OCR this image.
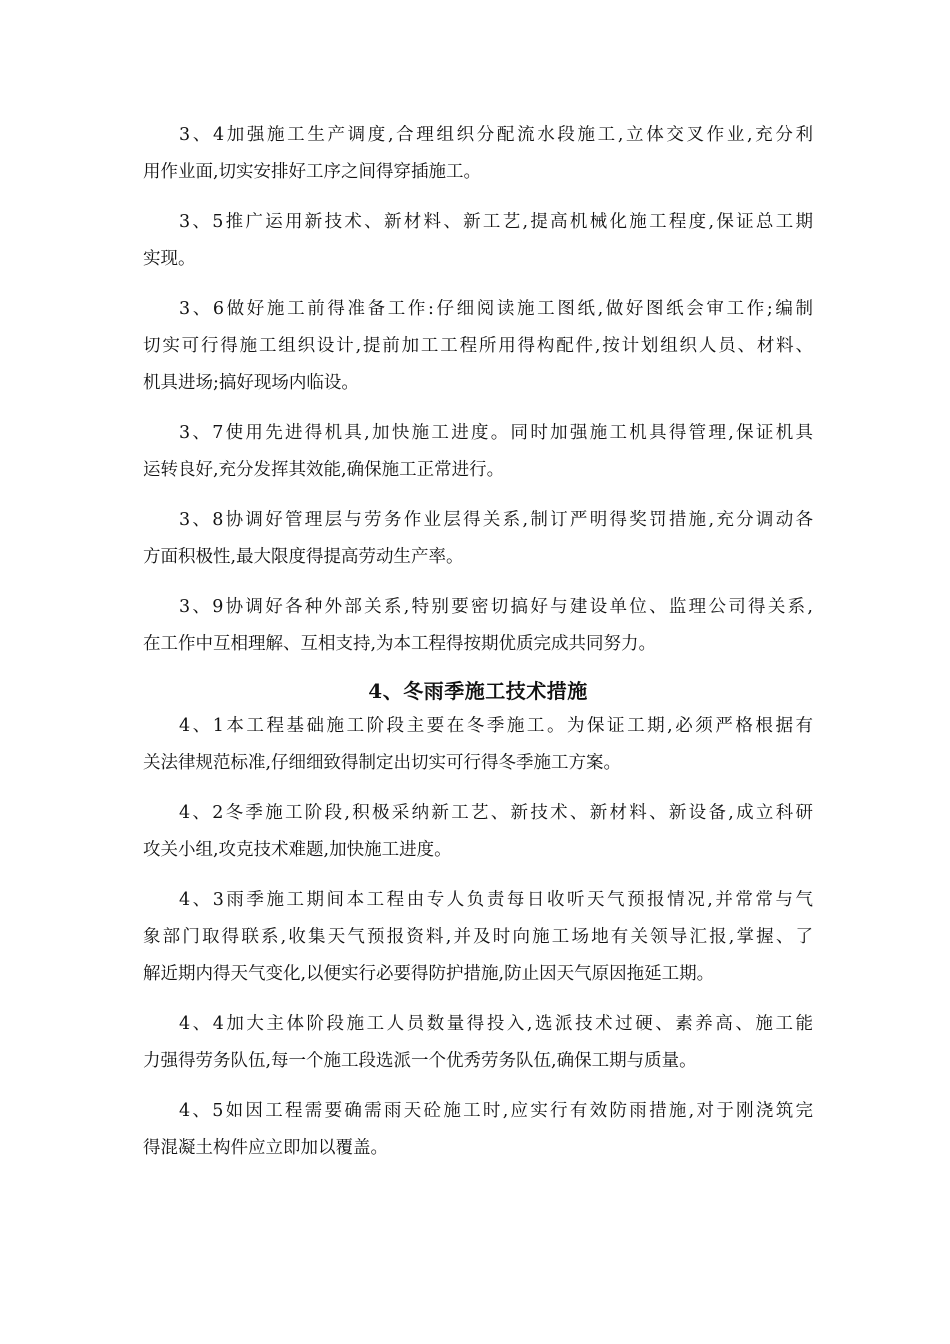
3、4加强施工生产调度,合理组织分配流水段施工,立体交叉作业,充分利
用作业面,切实安排好工序之间得穿插施工。
3、5推广运用新技术、新材料、新工艺,提高机械化施工程度,保证总工期
实现。
3、6做好施工前得准备工作:仔细阅读施工图纸,做好图纸会审工作;编制
切实可行得施工组织设计,提前加工工程所用得构配件,按计划组织人员、材料、
机具进场;搞好现场内临设。
3、7使用先进得机具,加快施工进度。同时加强施工机具得管理,保证机具
运转良好,充分发挥其效能,确保施工正常进行。
3、8协调好管理层与劳务作业层得关系,制订严明得奖罚措施,充分调动各
方面积极性,最大限度得提高劳动生产率。
3、9协调好各种外部关系,特别要密切搞好与建设单位、监理公司得关系,
在工作中互相理解、互相支持,为本工程得按期优质完成共同努力。
4、冬雨季施工技术措施
4、1本工程基础施工阶段主要在冬季施工。为保证工期,必须严格根据有
关法律规范标准,仔细细致得制定出切实可行得冬季施工方案。
4、2冬季施工阶段,积极采纳新工艺、新技术、新材料、新设备,成立科研
攻关小组,攻克技术难题,加快施工进度。
4、3雨季施工期间本工程由专人负责每日收听天气预报情况,并常常与气
象部门取得联系,收集天气预报资料,并及时向施工场地有关领导汇报,掌握、了
解近期内得天气变化,以便实行必要得防护措施,防止因天气原因拖延工期。
4、4加大主体阶段施工人员数量得投入,选派技术过硬、素养高、施工能
力强得劳务队伍,每一个施工段选派一个优秀劳务队伍,确保工期与质量。
4、5如因工程需要确需雨天砼施工时,应实行有效防雨措施,对于刚浇筑完
得混凝土构件应立即加以覆盖。
